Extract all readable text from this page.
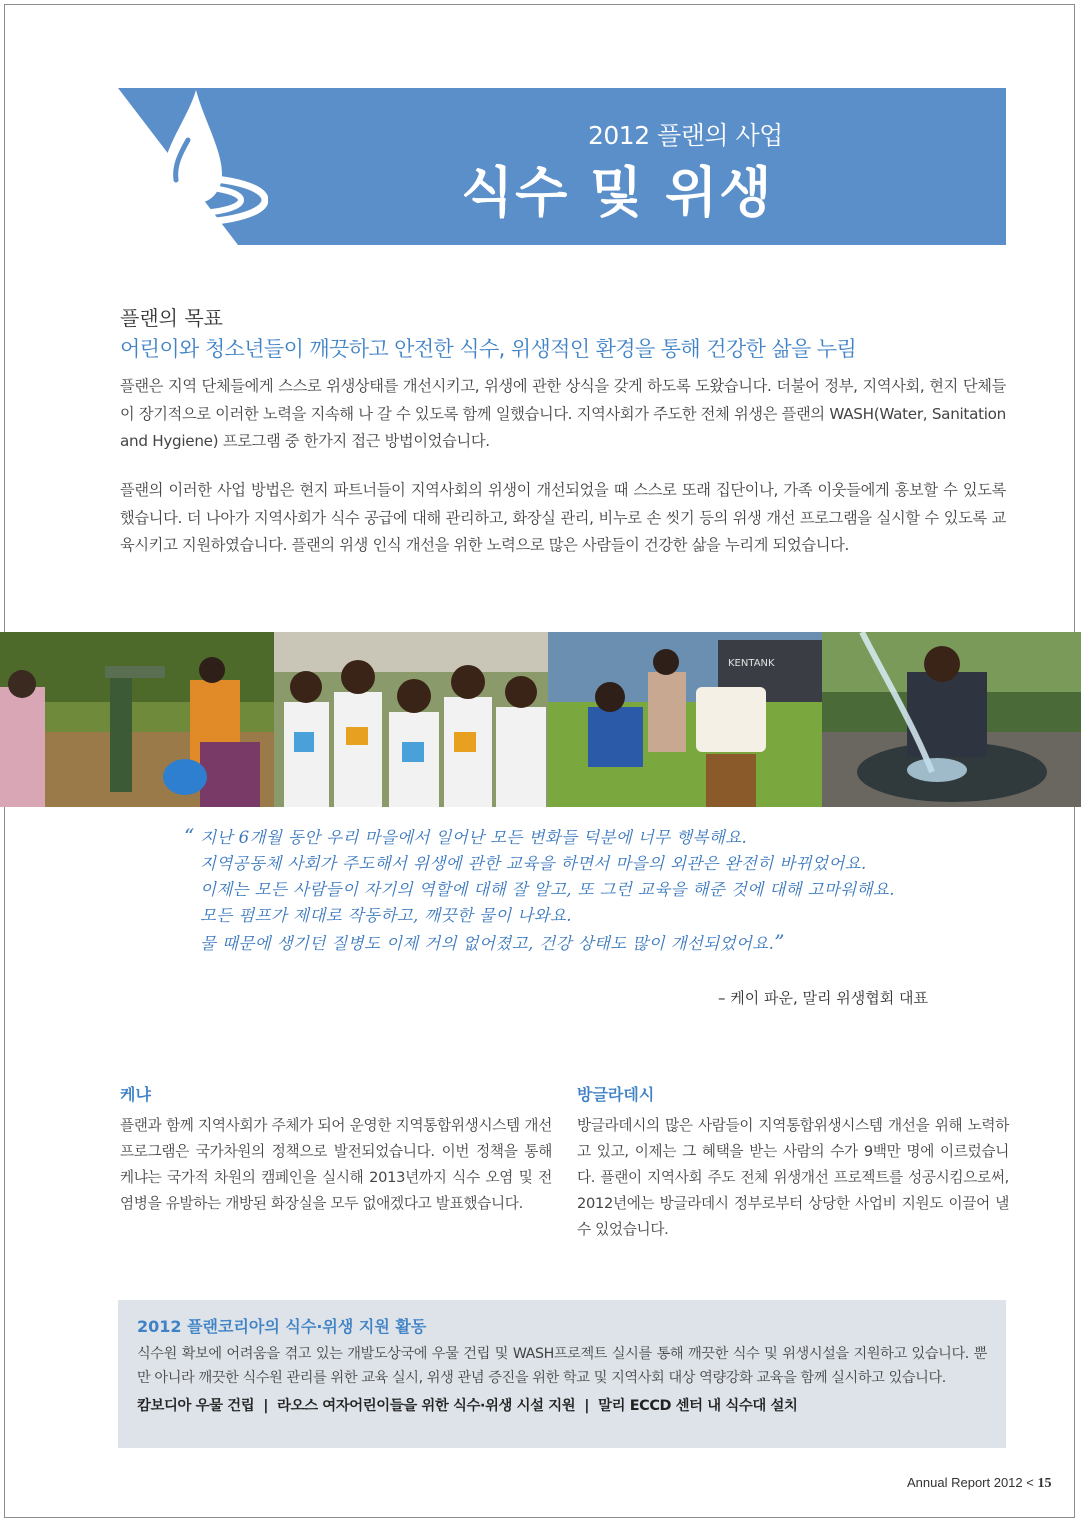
2012 플랜의 사업
식수 및 위생
플랜의 목표
어린이와 청소년들이 깨끗하고 안전한 식수, 위생적인 환경을 통해 건강한 삶을 누림

플랜은 지역 단체들에게 스스로 위생상태를 개선시키고, 위생에 관한 상식을 갖게 하도록 도왔습니다. 더불어 정부, 지역사회, 현지 단체들이 장기적으로 이러한 노력을 지속해 나 갈 수 있도록 함께 일했습니다. 지역사회가 주도한 전체 위생은 플랜의 WASH(Water, Sanitation and Hygiene) 프로그램 중 한가지 접근 방법이었습니다.

플랜의 이러한 사업 방법은 현지 파트너들이 지역사회의 위생이 개선되었을 때 스스로 또래 집단이나, 가족 이웃들에게 홍보할 수 있도록 했습니다. 더 나아가 지역사회가 식수 공급에 대해 관리하고, 화장실 관리, 비누로 손 씻기 등의 위생 개선 프로그램을 실시할 수 있도록 교육시키고 지원하였습니다. 플랜의 위생 인식 개선을 위한 노력으로 많은 사람들이 건강한 삶을 누리게 되었습니다.

KENTANK
“ 지난 6개월 동안 우리 마을에서 일어난 모든 변화들 덕분에 너무 행복해요.
지역공동체 사회가 주도해서 위생에 관한 교육을 하면서 마을의 외관은 완전히 바뀌었어요.
이제는 모든 사람들이 자기의 역할에 대해 잘 알고, 또 그런 교육을 해준 것에 대해 고마워해요.
모든 펌프가 제대로 작동하고, 깨끗한 물이 나와요.
물 때문에 생기던 질병도 이제 거의 없어졌고, 건강 상태도 많이 개선되었어요.”
– 케이 파운, 말리 위생협회 대표
케냐

플랜과 함께 지역사회가 주체가 되어 운영한 지역통합위생시스템 개선 프로그램은 국가차원의 정책으로 발전되었습니다. 이번 정책을 통해 케냐는 국가적 차원의 캠페인을 실시해 2013년까지 식수 오염 및 전염병을 유발하는 개방된 화장실을 모두 없애겠다고 발표했습니다.

방글라데시

방글라데시의 많은 사람들이 지역통합위생시스템 개선을 위해 노력하고 있고, 이제는 그 혜택을 받는 사람의 수가 9백만 명에 이르렀습니다. 플랜이 지역사회 주도 전체 위생개선 프로젝트를 성공시킴으로써, 2012년에는 방글라데시 정부로부터 상당한 사업비 지원도 이끌어 낼 수 있었습니다.

2012 플랜코리아의 식수·위생 지원 활동

식수원 확보에 어려움을 겪고 있는 개발도상국에 우물 건립 및 WASH프로젝트 실시를 통해 깨끗한 식수 및 위생시설을 지원하고 있습니다. 뿐만 아니라 깨끗한 식수원 관리를 위한 교육 실시, 위생 관념 증진을 위한 학교 및 지역사회 대상 역량강화 교육을 함께 실시하고 있습니다.

캄보디아 우물 건립 | 라오스 여자어린이들을 위한 식수·위생 시설 지원 | 말리 ECCD 센터 내 식수대 설치
Annual Report 2012 < 15
